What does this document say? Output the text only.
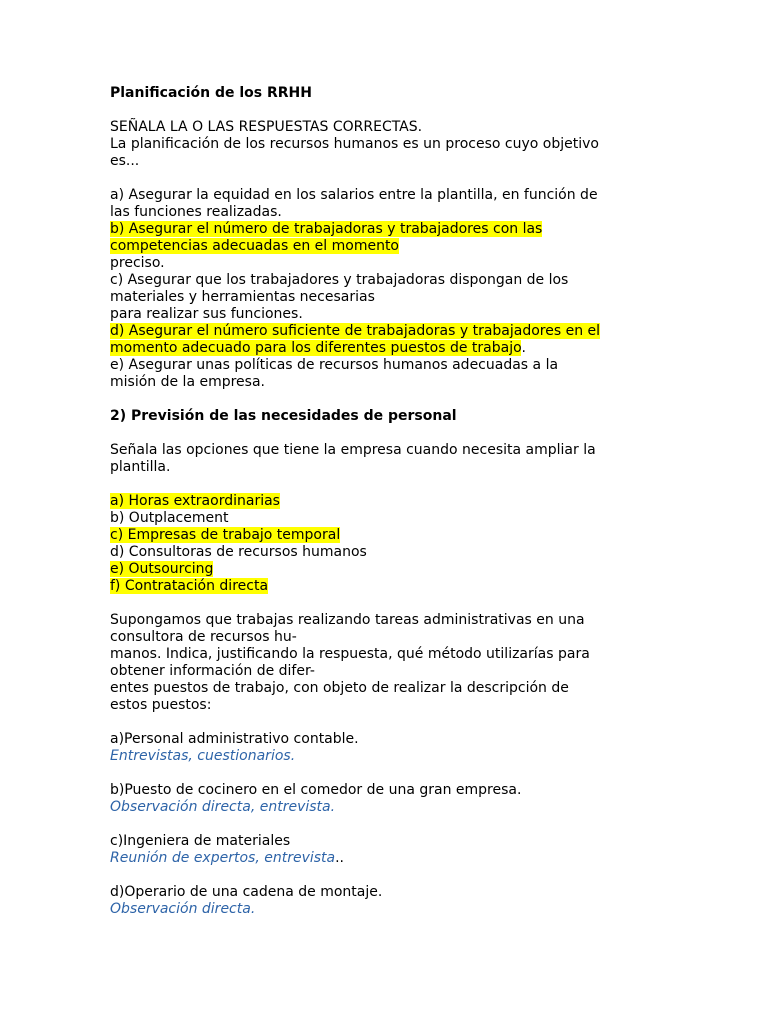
Planificación de los RRHH
SEÑALA LA O LAS RESPUESTAS CORRECTAS.
La planificación de los recursos humanos es un proceso cuyo objetivo
es...
a) Asegurar la equidad en los salarios entre la plantilla, en función de
las funciones realizadas.
b) Asegurar el número de trabajadoras y trabajadores con las
competencias adecuadas en el momento
preciso.
c) Asegurar que los trabajadores y trabajadoras dispongan de los
materiales y herramientas necesarias
para realizar sus funciones.
d) Asegurar el número suficiente de trabajadoras y trabajadores en el
momento adecuado para los diferentes puestos de trabajo.
e) Asegurar unas políticas de recursos humanos adecuadas a la
misión de la empresa.
2) Previsión de las necesidades de personal
Señala las opciones que tiene la empresa cuando necesita ampliar la
plantilla.
a) Horas extraordinarias
b) Outplacement
c) Empresas de trabajo temporal
d) Consultoras de recursos humanos
e) Outsourcing
f) Contratación directa
Supongamos que trabajas realizando tareas administrativas en una
consultora de recursos hu-
manos. Indica, justificando la respuesta, qué método utilizarías para
obtener información de difer-
entes puestos de trabajo, con objeto de realizar la descripción de
estos puestos:
a)Personal administrativo contable.
Entrevistas, cuestionarios.
b)Puesto de cocinero en el comedor de una gran empresa.
Observación directa, entrevista.
c)Ingeniera de materiales
Reunión de expertos, entrevista..
d)Operario de una cadena de montaje.
Observación directa.
